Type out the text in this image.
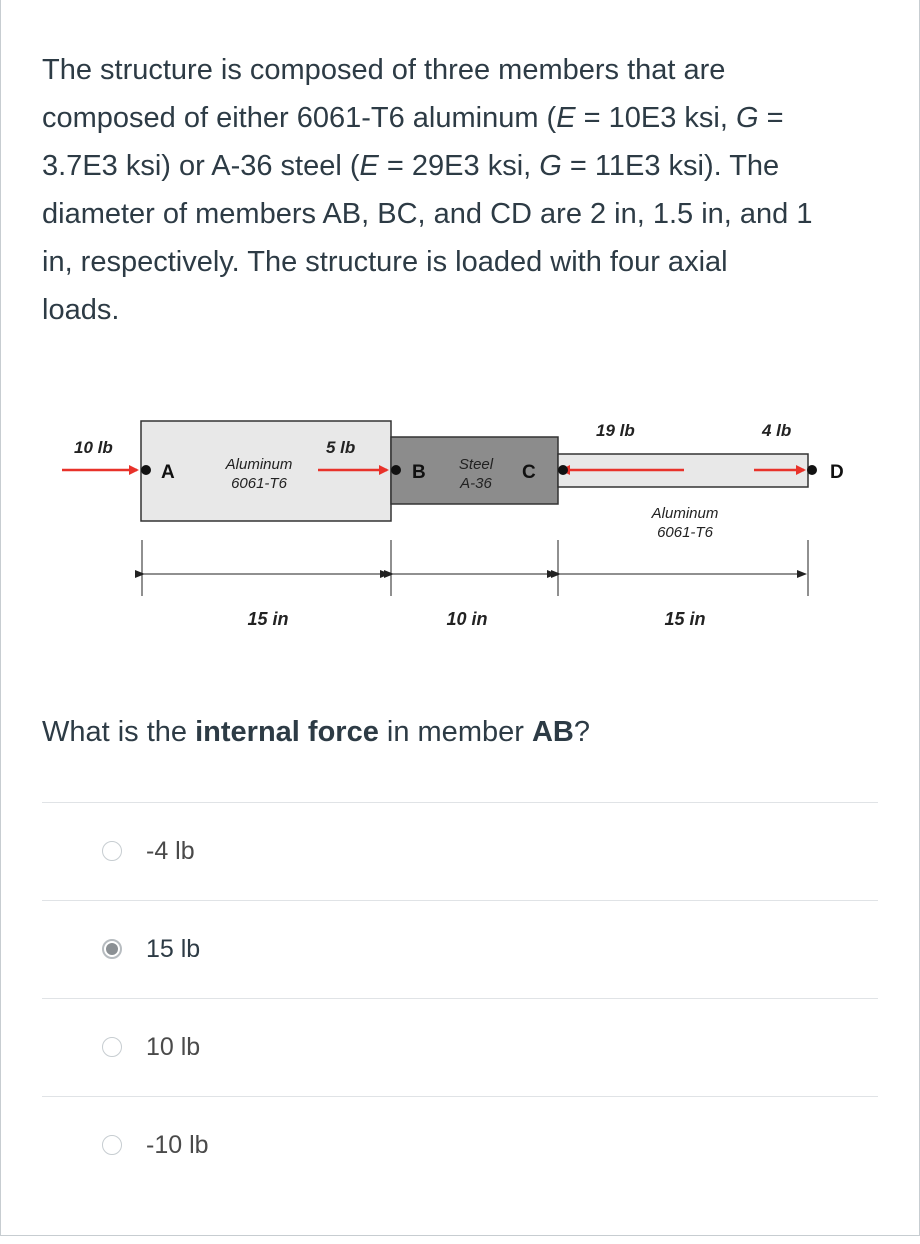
The structure is composed of three members that are
composed of either 6061-T6 aluminum (E = 10E3 ksi, G =
3.7E3 ksi) or A-36 steel (E = 29E3 ksi, G = 11E3 ksi). The
diameter of members AB, BC, and CD are 2 in, 1.5 in, and 1
in, respectively. The structure is loaded with four axial
loads.
10 lb	5 lb
19 lb	4 lb
A	B	C	D
Aluminum
6061-T6
Steel
A-36
Aluminum
6061-T6
15 in	10 in	15 in
What is the internal force in member AB?
-4 lb
15 lb
10 lb
-10 lb
